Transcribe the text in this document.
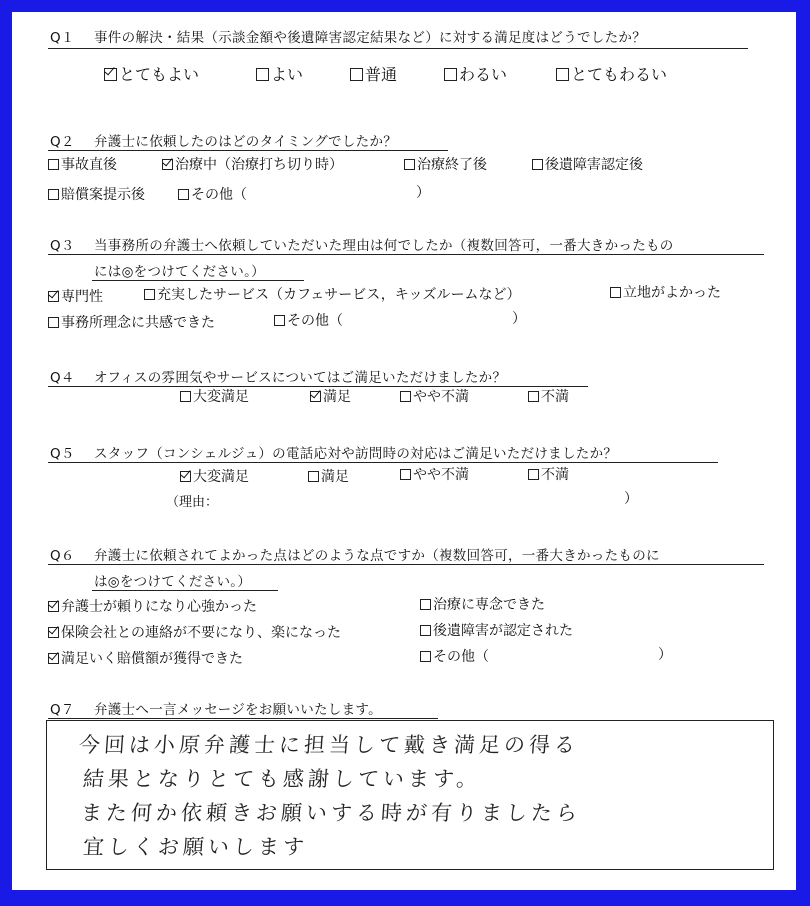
Q１ 事件の解決・結果（示談金額や後遺障害認定結果など）に対する満足度はどうでしたか？
とてもよい	よい	普通	わるい	とてもわるい
Q２ 弁護士に依頼したのはどのタイミングでしたか？
事故直後	治療中（治療打ち切り時）	治療終了後	後遺障害認定後
賠償案提示後	その他（	）
Q３ 当事務所の弁護士へ依頼していただいた理由は何でしたか（複数回答可，一番大きかったもの
には◎をつけてください。）
専門性	充実したサービス（カフェサービス，キッズルームなど）	立地がよかった
事務所理念に共感できた	その他（	）
Q４ オフィスの雰囲気やサービスについてはご満足いただけましたか？
大変満足	満足	やや不満	不満
Q５ スタッフ（コンシェルジュ）の電話応対や訪問時の対応はご満足いただけましたか？
大変満足	満足	やや不満	不満
（理由：	）
Q６ 弁護士に依頼されてよかった点はどのような点ですか（複数回答可，一番大きかったものに
は◎をつけてください。）
弁護士が頼りになり心強かった	治療に専念できた
保険会社との連絡が不要になり、楽になった	後遺障害が認定された
満足いく賠償額が獲得できた	その他（	）
Q７ 弁護士へ一言メッセージをお願いいたします。
今回は小原弁護士に担当して戴き満足の得る
結果となりとても感謝しています。
また何か依頼きお願いする時が有りましたら
宜しくお願いします
